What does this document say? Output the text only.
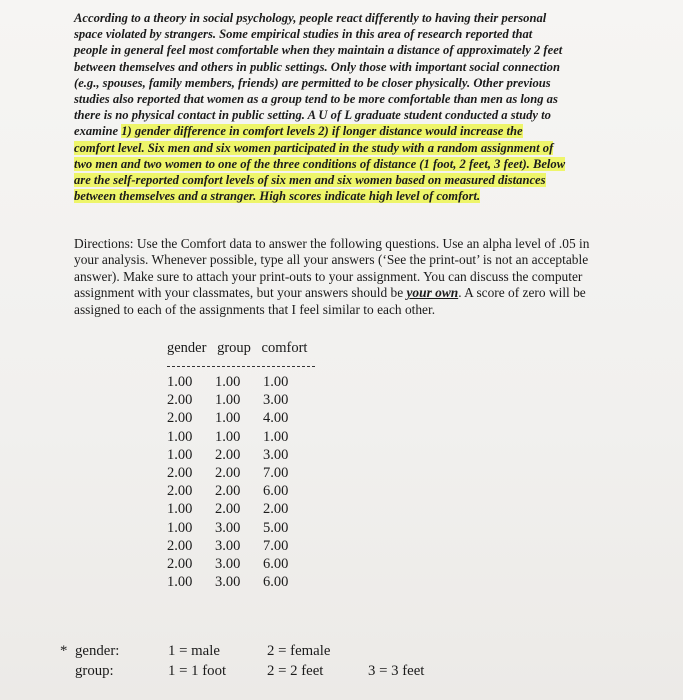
According to a theory in social psychology, people react differently to having their personal
space violated by strangers. Some empirical studies in this area of research reported that
people in general feel most comfortable when they maintain a distance of approximately 2 feet
between themselves and others in public settings. Only those with important social connection
(e.g., spouses, family members, friends) are permitted to be closer physically. Other previous
studies also reported that women as a group tend to be more comfortable than men as long as
there is no physical contact in public setting. A U of L graduate student conducted a study to
examine 1) gender difference in comfort levels 2) if longer distance would increase the
comfort level. Six men and six women participated in the study with a random assignment of
two men and two women to one of the three conditions of distance (1 foot, 2 feet, 3 feet). Below
are the self-reported comfort levels of six men and six women based on measured distances
between themselves and a stranger. High scores indicate high level of comfort.
Directions: Use the Comfort data to answer the following questions. Use an alpha level of .05 in
your analysis. Whenever possible, type all your answers (‘See the print-out’ is not an acceptable
answer). Make sure to attach your print-outs to your assignment. You can discuss the computer
assignment with your classmates, but your answers should be your own. A score of zero will be
assigned to each of the assignments that I feel similar to each other.
gender group comfort
1.00 1.00 1.00
2.00 1.00 3.00
2.00 1.00 4.00
1.00 1.00 1.00
1.00 2.00 3.00
2.00 2.00 7.00
2.00 2.00 6.00
1.00 2.00 2.00
1.00 3.00 5.00
2.00 3.00 7.00
2.00 3.00 6.00
1.00 3.00 6.00
* gender:	1 = male	2 = female
group:	1 = 1 foot	2 = 2 feet	3 = 3 feet
